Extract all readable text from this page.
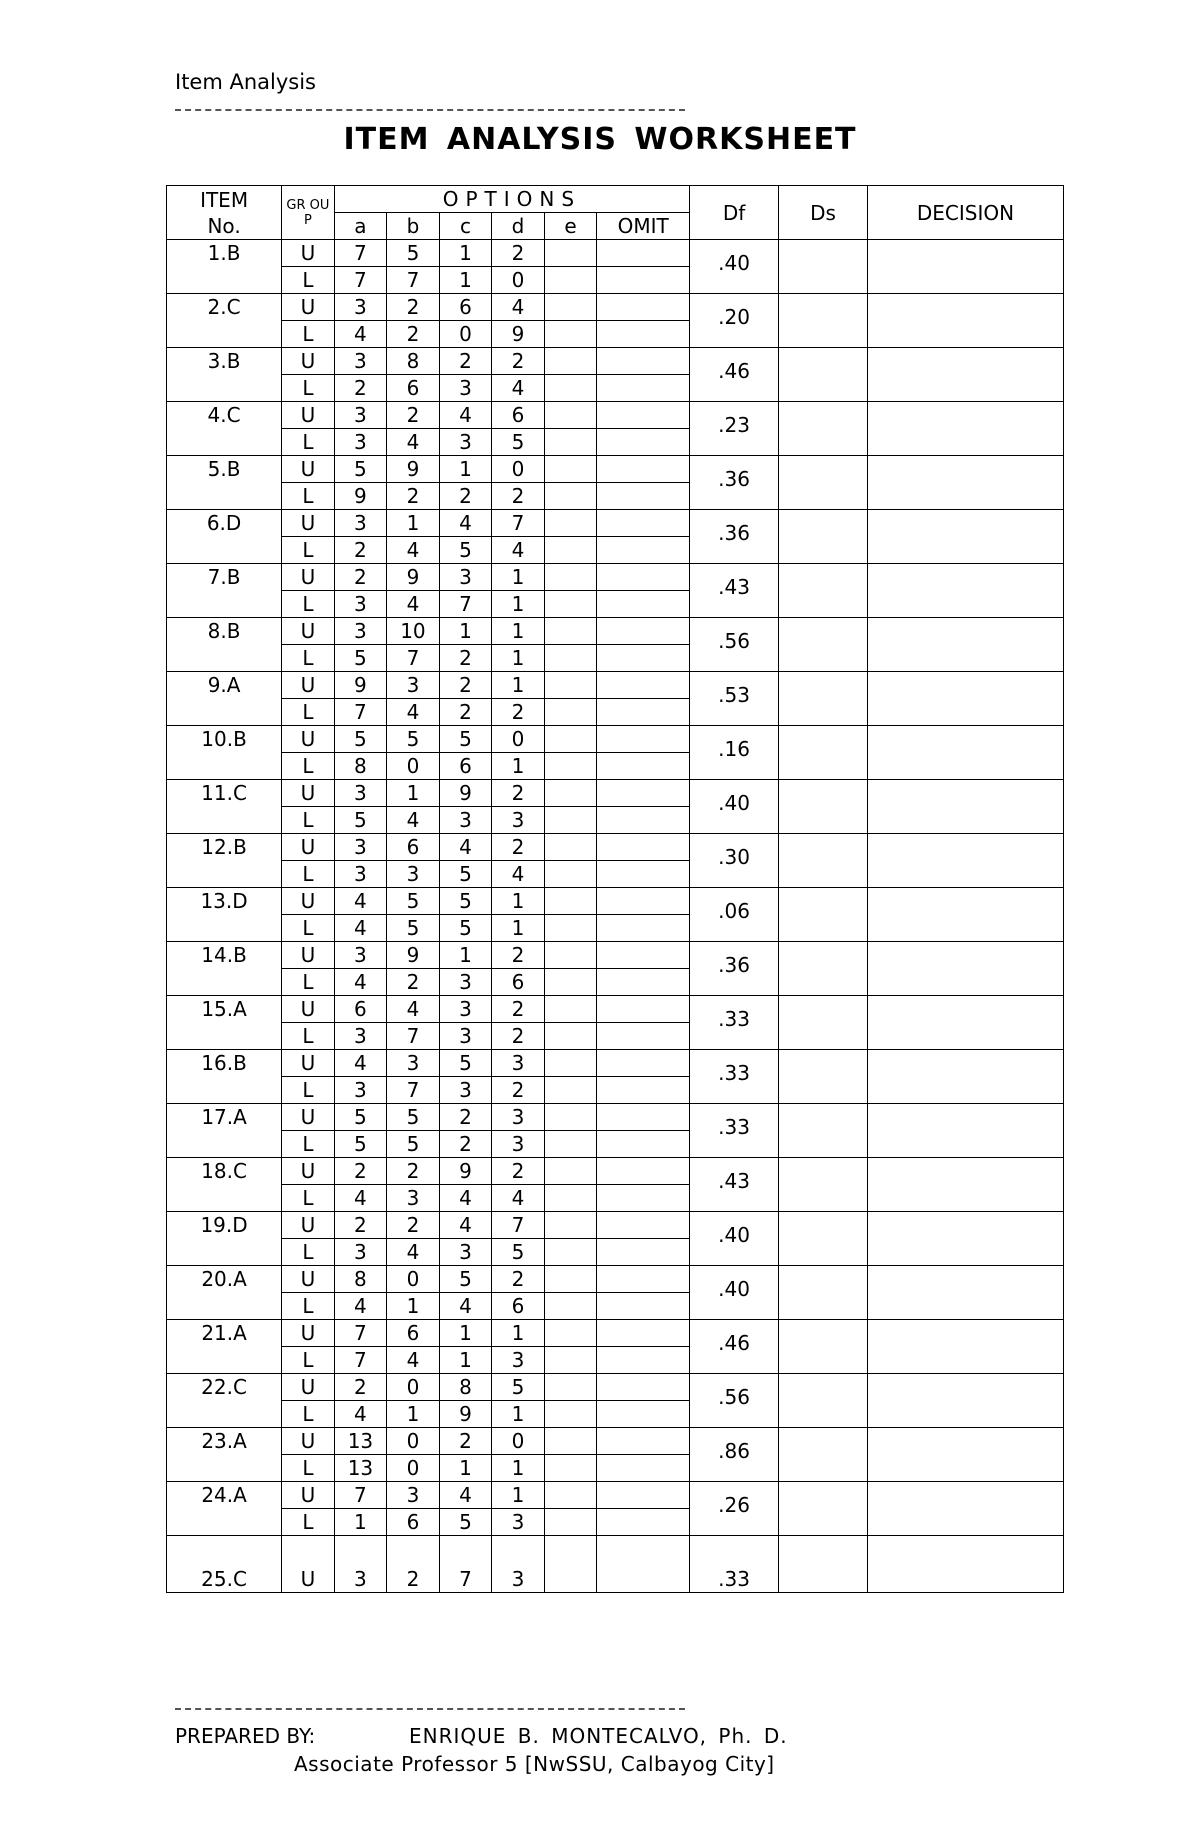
Item Analysis
ITEM ANALYSIS WORKSHEET
ITEM
No.	GR OU P	OPTIONS						Df	Ds	DECISION
		a	b	c	d	e	OMIT			
1.B	U	7	5	1	2			.40		
	L	7	7	1	0					
2.C	U	3	2	6	4			.20		
	L	4	2	0	9					
3.B	U	3	8	2	2			.46		
	L	2	6	3	4					
4.C	U	3	2	4	6			.23		
	L	3	4	3	5					
5.B	U	5	9	1	0			.36		
	L	9	2	2	2					
6.D	U	3	1	4	7			.36		
	L	2	4	5	4					
7.B	U	2	9	3	1			.43		
	L	3	4	7	1					
8.B	U	3	10	1	1			.56		
	L	5	7	2	1					
9.A	U	9	3	2	1			.53		
	L	7	4	2	2					
10.B	U	5	5	5	0			.16		
	L	8	0	6	1					
11.C	U	3	1	9	2			.40		
	L	5	4	3	3					
12.B	U	3	6	4	2			.30		
	L	3	3	5	4					
13.D	U	4	5	5	1			.06		
	L	4	5	5	1					
14.B	U	3	9	1	2			.36		
	L	4	2	3	6					
15.A	U	6	4	3	2			.33		
	L	3	7	3	2					
16.B	U	4	3	5	3			.33		
	L	3	7	3	2					
17.A	U	5	5	2	3			.33		
	L	5	5	2	3					
18.C	U	2	2	9	2			.43		
	L	4	3	4	4					
19.D	U	2	2	4	7			.40		
	L	3	4	3	5					
20.A	U	8	0	5	2			.40		
	L	4	1	4	6					
21.A	U	7	6	1	1			.46		
	L	7	4	1	3					
22.C	U	2	0	8	5			.56		
	L	4	1	9	1					
23.A	U	13	0	2	0			.86		
	L	13	0	1	1					
24.A	U	7	3	4	1			.26		
	L	1	6	5	3					
25.C	U	3	2	7	3			.33		
PREPARED BY:	ENRIQUE B. MONTECALVO, Ph. D.
Associate Professor 5 [NwSSU, Calbayog City]
